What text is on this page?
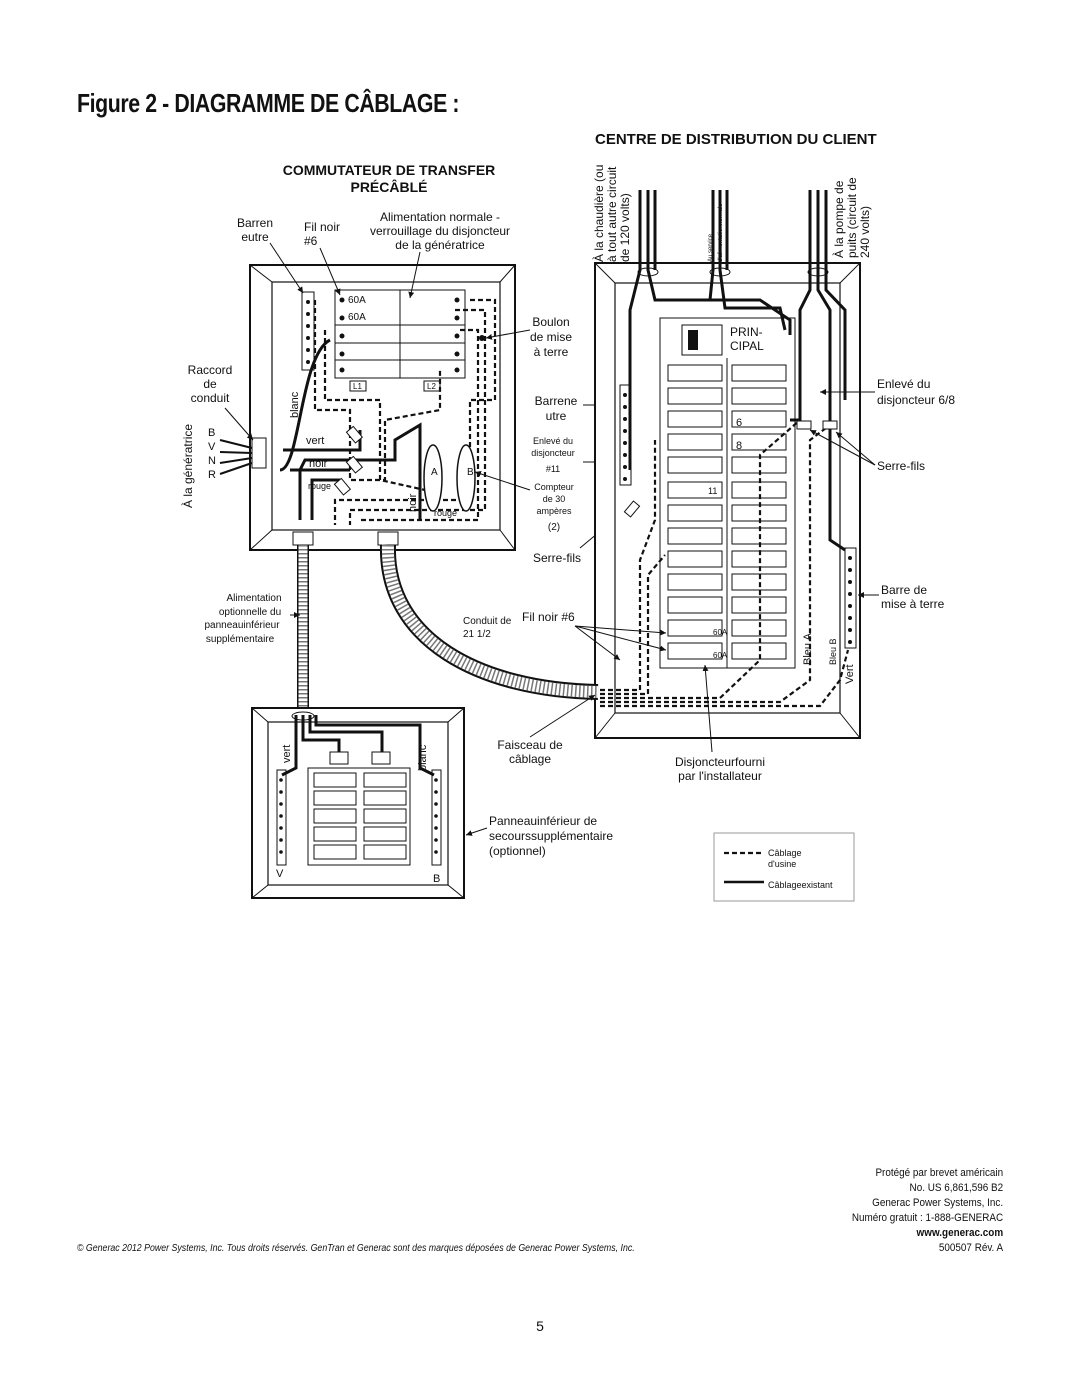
Figure 2 - DIAGRAMME DE CÂBLAGE :
CENTRE DE DISTRIBUTION DU CLIENT
COMMUTATEUR DE TRANSFER
PRÉCÂBLÉ
60A
60A
L1	L2
blanc
vert
noir
rouge
noir
rouge
A	B
Barren
eutre
Fil noir
#6
Alimentation normale -
verrouillage du disjoncteur
de la génératrice
Raccord
de
conduit
À la génératrice B
V
N
R
Boulon
de mise
à terre
Barrene
utre
Enlevé du
disjoncteur
#11
Compteur
de 30
ampères
(2)
Serre-fils
PRIN-
CIPAL
6
8
11
60A
60A
À la chaudière (ou à tout autre circuit de 120 volts)	Au service d'alimentationnormale	À la pompe de puits (circuit de 240 volts)
Enlevé du
disjoncteur 6/8
Serre-fils
Barre de
mise à terre
Bleu A Bleu B
Vert
Alimentation
optionnelle du
panneauinférieur
supplémentaire
Conduit de
21 1/2
Fil noir #6
Faisceau de
câblage	Disjoncteurfourni
par l'installateur
vert	blanc
V	B
Panneauinférieur de
secourssupplémentaire
(optionnel)	Câblage
d'usine
Câblageexistant
Protégé par brevet américain
No. US 6,861,596 B2
Generac Power Systems, Inc.
Numéro gratuit : 1-888-GENERAC
www.generac.com
500507 Rév. A
© Generac 2012 Power Systems, Inc. Tous droits réservés. GenTran et Generac sont des marques déposées de Generac Power Systems, Inc.
5
